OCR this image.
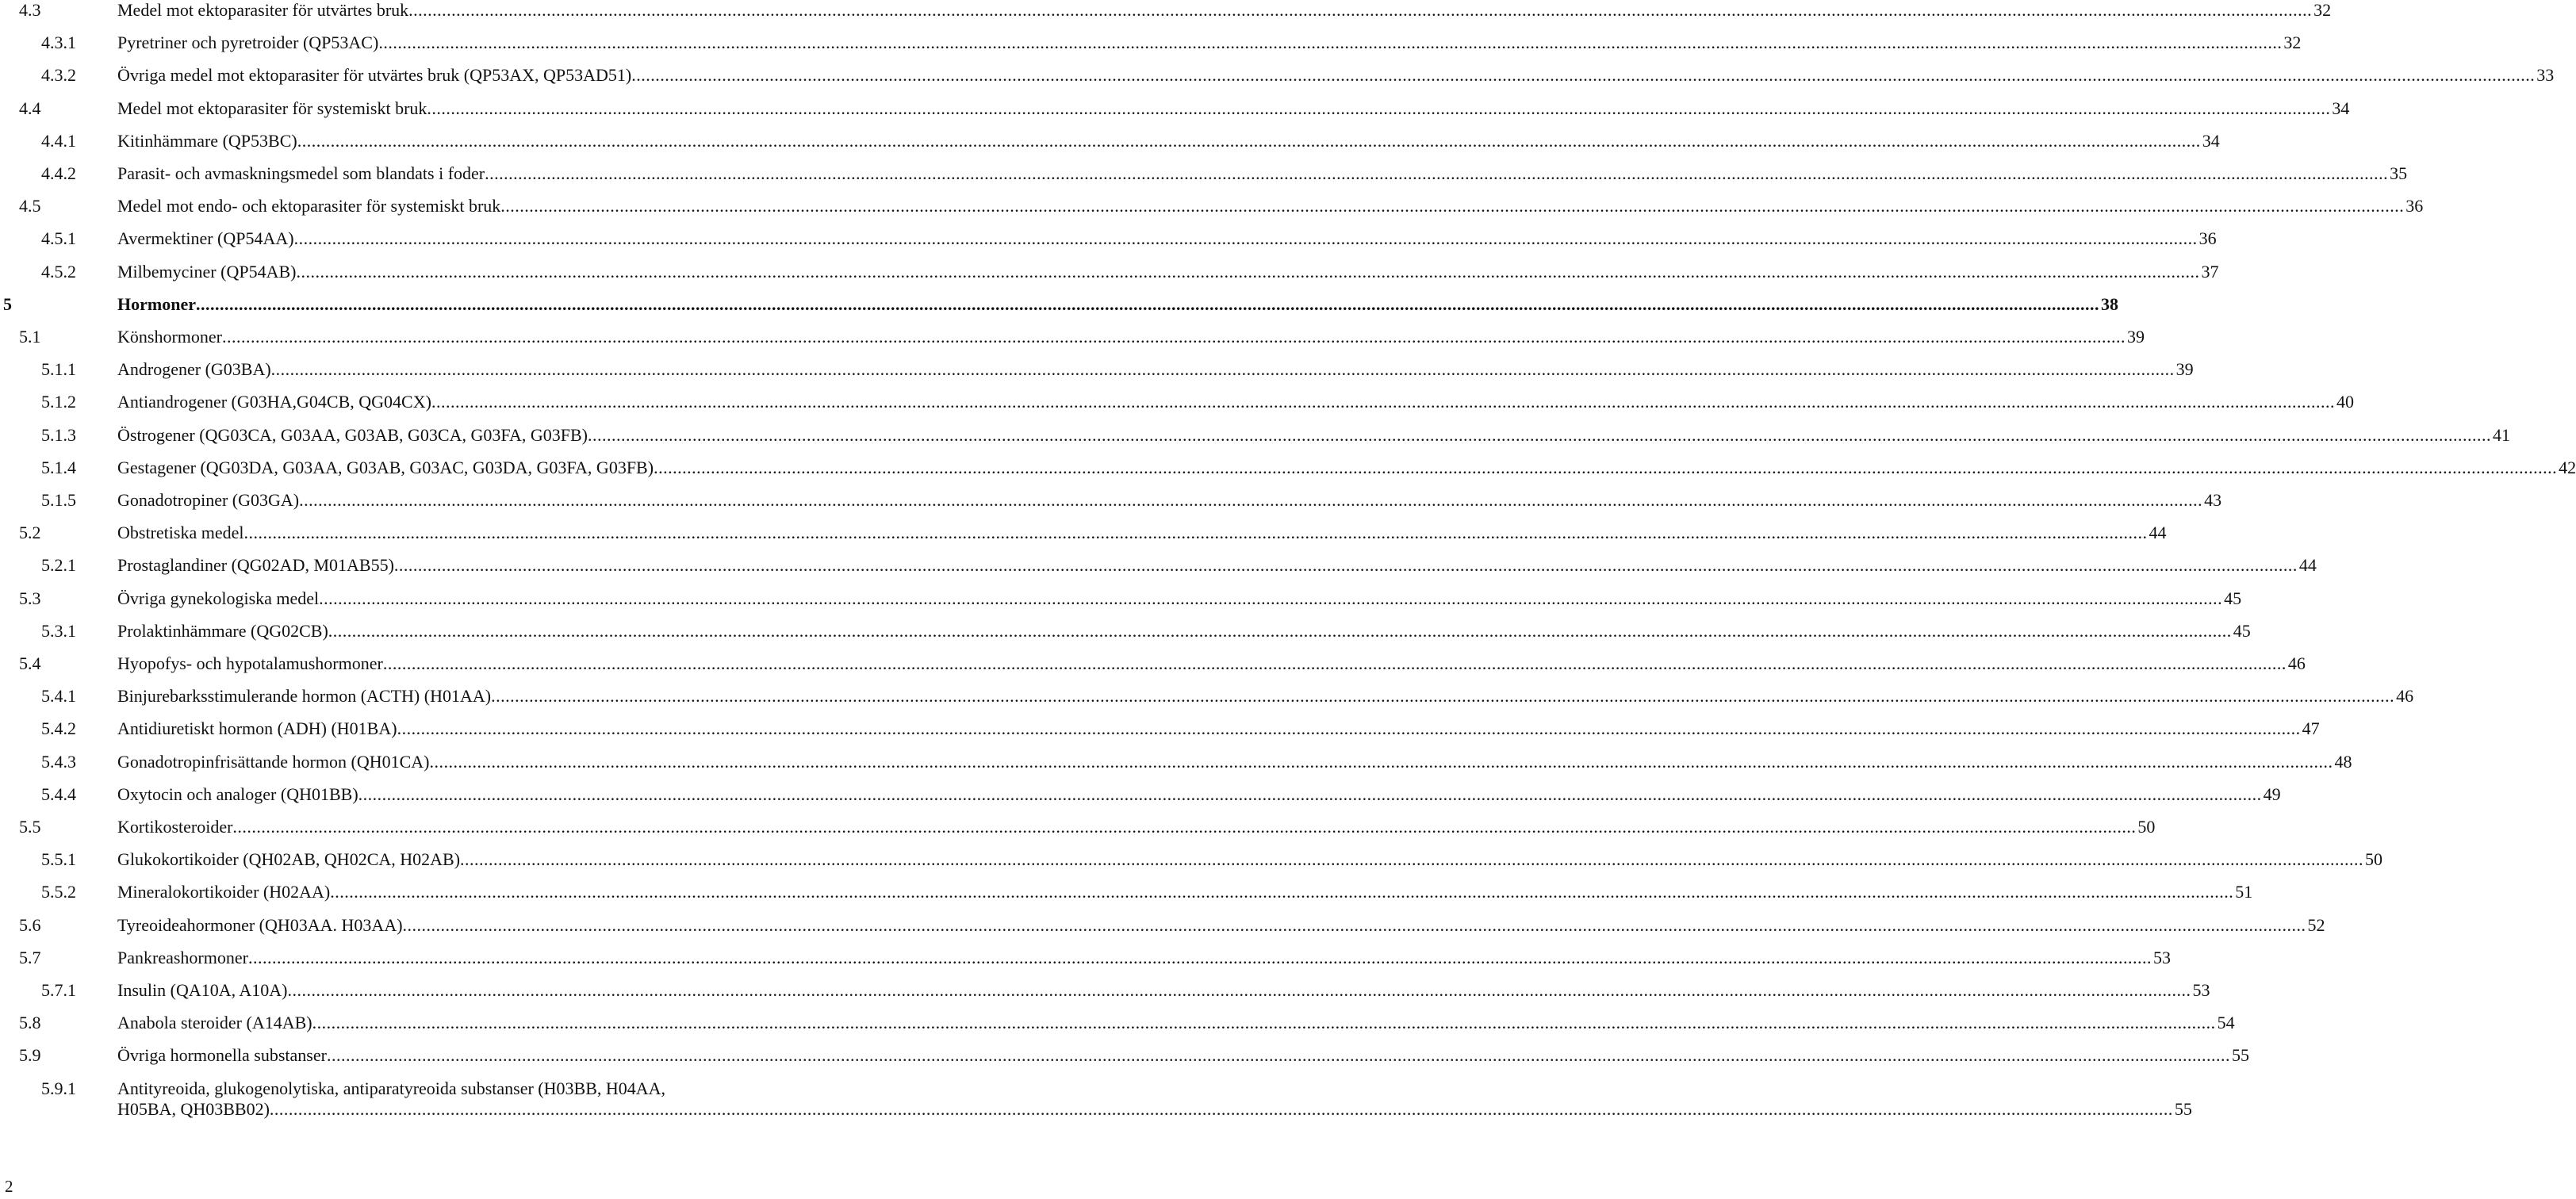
4.3	Medel mot ektoparasiter för utvärtes bruk ................................................................................................................................................................................................................................................................................................................................................................................................................ 32
4.3.1 Pyretriner och pyretroider (QP53AC) ................................................................................................................................................................................................................................................................................................................................................................................................................ 32
4.3.2 Övriga medel mot ektoparasiter för utvärtes bruk (QP53AX, QP53AD51) ................................................................................................................................................................................................................................................................................................................................................................................................................ 33
4.4	Medel mot ektoparasiter för systemiskt bruk ................................................................................................................................................................................................................................................................................................................................................................................................................ 34
4.4.1 Kitinhämmare (QP53BC) ................................................................................................................................................................................................................................................................................................................................................................................................................ 34
4.4.2 Parasit- och avmaskningsmedel som blandats i foder ................................................................................................................................................................................................................................................................................................................................................................................................................ 35
4.5	Medel mot endo- och ektoparasiter för systemiskt bruk ................................................................................................................................................................................................................................................................................................................................................................................................................ 36
4.5.1 Avermektiner (QP54AA) ................................................................................................................................................................................................................................................................................................................................................................................................................ 36
4.5.2 Milbemyciner (QP54AB) ................................................................................................................................................................................................................................................................................................................................................................................................................ 37
5	Hormoner ................................................................................................................................................................................................................................................................................................................................................................................................................ 38
5.1	Könshormoner ................................................................................................................................................................................................................................................................................................................................................................................................................ 39
5.1.1 Androgener (G03BA) ................................................................................................................................................................................................................................................................................................................................................................................................................ 39
5.1.2 Antiandrogener (G03HA,G04CB, QG04CX) ................................................................................................................................................................................................................................................................................................................................................................................................................ 40
5.1.3 Östrogener (QG03CA, G03AA, G03AB, G03CA, G03FA, G03FB) ................................................................................................................................................................................................................................................................................................................................................................................................................ 41
5.1.4 Gestagener (QG03DA, G03AA, G03AB, G03AC, G03DA, G03FA, G03FB) ................................................................................................................................................................................................................................................................................................................................................................................................................ 42
5.1.5 Gonadotropiner (G03GA) ................................................................................................................................................................................................................................................................................................................................................................................................................ 43
5.2	Obstretiska medel ................................................................................................................................................................................................................................................................................................................................................................................................................ 44
5.2.1 Prostaglandiner (QG02AD, M01AB55) ................................................................................................................................................................................................................................................................................................................................................................................................................ 44
5.3	Övriga gynekologiska medel ................................................................................................................................................................................................................................................................................................................................................................................................................ 45
5.3.1 Prolaktinhämmare (QG02CB) ................................................................................................................................................................................................................................................................................................................................................................................................................ 45
5.4	Hyopofys- och hypotalamushormoner ................................................................................................................................................................................................................................................................................................................................................................................................................ 46
5.4.1 Binjurebarksstimulerande hormon (ACTH) (H01AA) ................................................................................................................................................................................................................................................................................................................................................................................................................ 46
5.4.2 Antidiuretiskt hormon (ADH) (H01BA) ................................................................................................................................................................................................................................................................................................................................................................................................................ 47
5.4.3 Gonadotropinfrisättande hormon (QH01CA) ................................................................................................................................................................................................................................................................................................................................................................................................................ 48
5.4.4 Oxytocin och analoger (QH01BB) ................................................................................................................................................................................................................................................................................................................................................................................................................ 49
5.5	Kortikosteroider ................................................................................................................................................................................................................................................................................................................................................................................................................ 50
5.5.1 Glukokortikoider (QH02AB, QH02CA, H02AB) ................................................................................................................................................................................................................................................................................................................................................................................................................ 50
5.5.2 Mineralokortikoider (H02AA) ................................................................................................................................................................................................................................................................................................................................................................................................................ 51
5.6	Tyreoideahormoner (QH03AA. H03AA) ................................................................................................................................................................................................................................................................................................................................................................................................................ 52
5.7	Pankreashormoner ................................................................................................................................................................................................................................................................................................................................................................................................................ 53
5.7.1 Insulin (QA10A, A10A) ................................................................................................................................................................................................................................................................................................................................................................................................................ 53
5.8	Anabola steroider (A14AB) ................................................................................................................................................................................................................................................................................................................................................................................................................ 54
5.9	Övriga hormonella substanser ................................................................................................................................................................................................................................................................................................................................................................................................................ 55
5.9.1 Antityreoida, glukogenolytiska, antiparatyreoida substanser (H03BB, H04AA,
H05BA, QH03BB02) ................................................................................................................................................................................................................................................................................................................................................................................................................ 55
2
